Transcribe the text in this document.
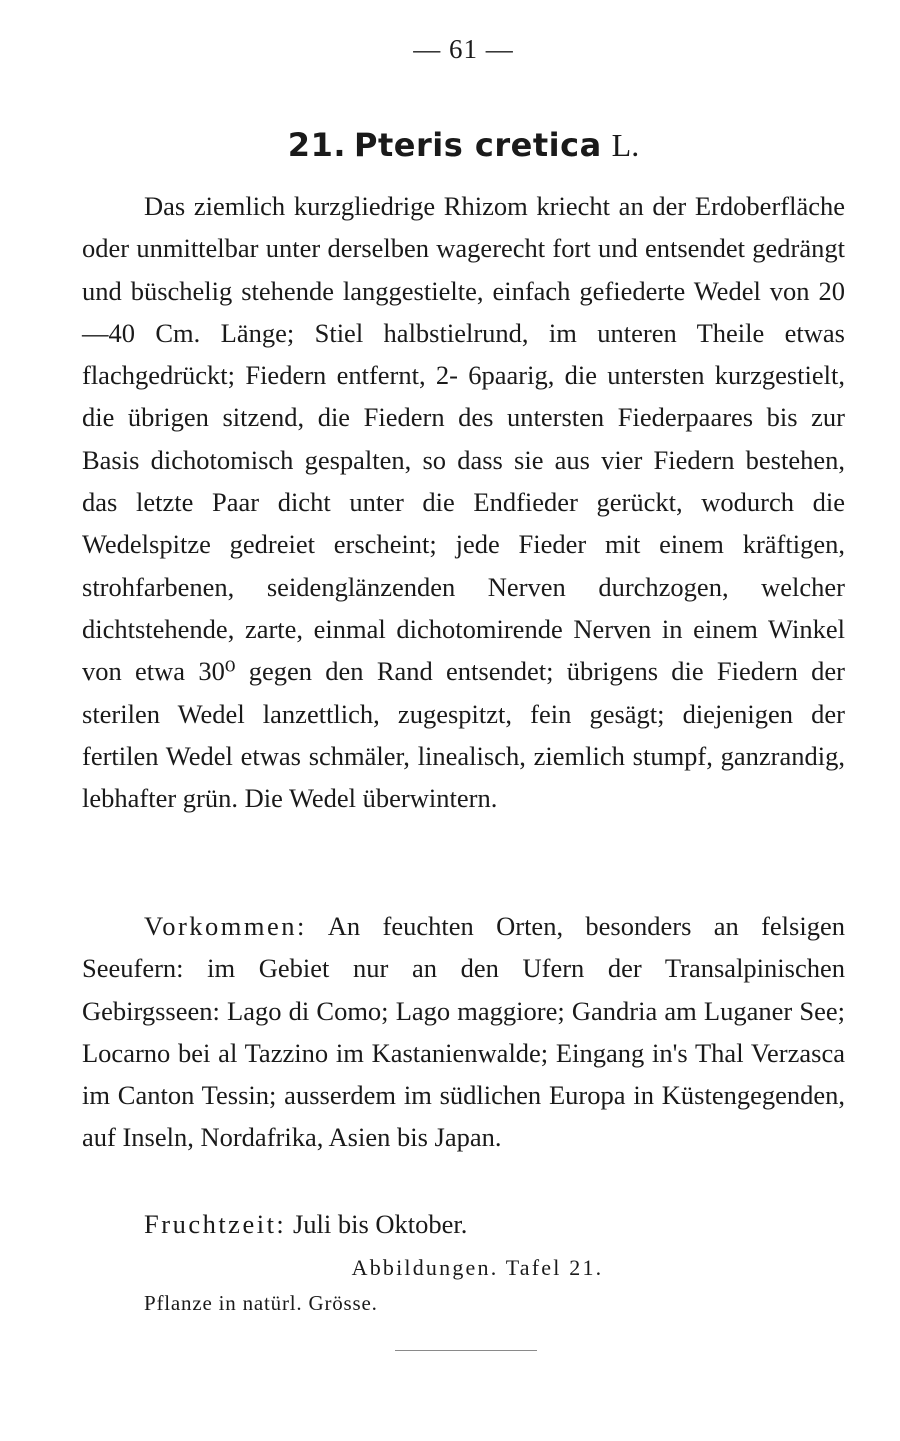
— 61 —
21. Pteris cretica L.

Das ziemlich kurzgliedrige Rhizom kriecht an der Erdoberfläche oder unmittelbar unter derselben wagerecht fort und entsendet gedrängt und büschelig stehende langgestielte, einfach gefiederte Wedel von 20—40 Cm. Länge; Stiel halbstielrund, im unteren Theile etwas flachgedrückt; Fiedern entfernt, 2- 6paarig, die untersten kurzgestielt, die übrigen sitzend, die Fiedern des untersten Fiederpaares bis zur Basis dichotomisch gespalten, so dass sie aus vier Fiedern bestehen, das letzte Paar dicht unter die Endfieder gerückt, wodurch die Wedelspitze gedreiet erscheint; jede Fieder mit einem kräftigen, strohfarbenen, seidenglänzenden Nerven durchzogen, welcher dichtstehende, zarte, einmal dichotomirende Nerven in einem Winkel von etwa 30⁰ gegen den Rand entsendet; übrigens die Fiedern der sterilen Wedel lanzettlich, zugespitzt, fein gesägt; diejenigen der fertilen Wedel etwas schmäler, linealisch, ziemlich stumpf, ganzrandig, lebhafter grün. Die Wedel überwintern.

Vorkommen: An feuchten Orten, besonders an felsigen Seeufern: im Gebiet nur an den Ufern der Transalpinischen Gebirgsseen: Lago di Como; Lago maggiore; Gandria am Luganer See; Locarno bei al Tazzino im Kastanienwalde; Eingang in's Thal Verzasca im Canton Tessin; ausserdem im südlichen Europa in Küstengegenden, auf Inseln, Nordafrika, Asien bis Japan.

Fruchtzeit: Juli bis Oktober.

Abbildungen. Tafel 21.
Pflanze in natürl. Grösse.
